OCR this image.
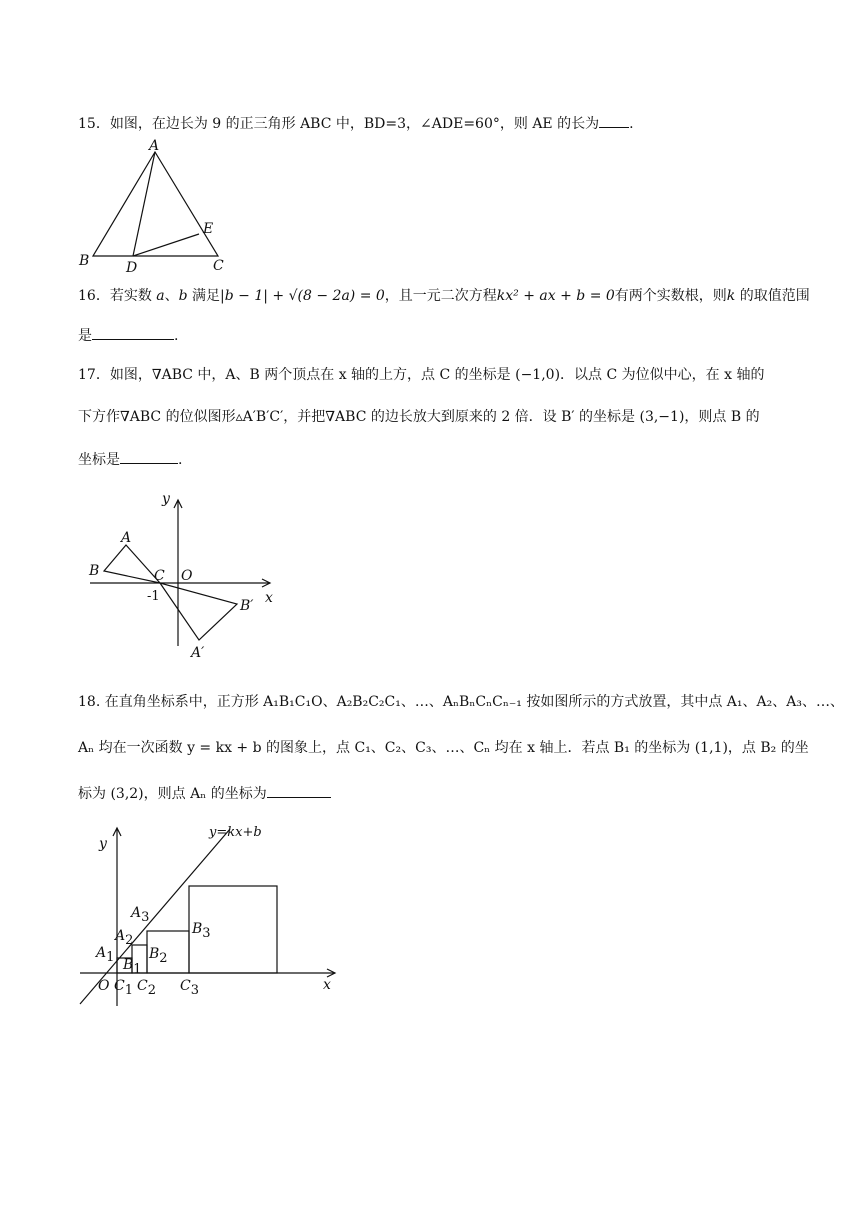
15．如图，在边长为 9 的正三角形 ABC 中，BD=3，∠ADE=60°，则 AE 的长为 .
A
B	C
D
E
16．若实数 a、b 满足|b − 1| + √(8 − 2a) = 0，且一元二次方程kx² + ax + b = 0有两个实数根，则k 的取值范围
是	.
17．如图，∇ABC 中，A、B 两个顶点在 x 轴的上方，点 C 的坐标是 (−1,0)．以点 C 为位似中心，在 x 轴的
下方作∇ABC 的位似图形▵A′B′C′，并把∇ABC 的边长放大到原来的 2 倍．设 B′ 的坐标是 (3,−1)，则点 B 的
坐标是	.
y
x
O
A
B	C
-1
A′
B′
18. 在直角坐标系中，正方形 A₁B₁C₁O、A₂B₂C₂C₁、…、AₙBₙCₙCₙ₋₁ 按如图所示的方式放置，其中点 A₁、A₂、A₃、…、
Aₙ 均在一次函数 y = kx + b 的图象上，点 C₁、C₂、C₃、…、Cₙ 均在 x 轴上．若点 B₁ 的坐标为 (1,1)，点 B₂ 的坐
标为 (3,2)，则点 Aₙ 的坐标为
y=kx+b
y
x
O
$A_1$
$A_2$
$A_3$
$B_1$
$B_2$
$B_3$
$C_1$ $C_2$ $C_3$
